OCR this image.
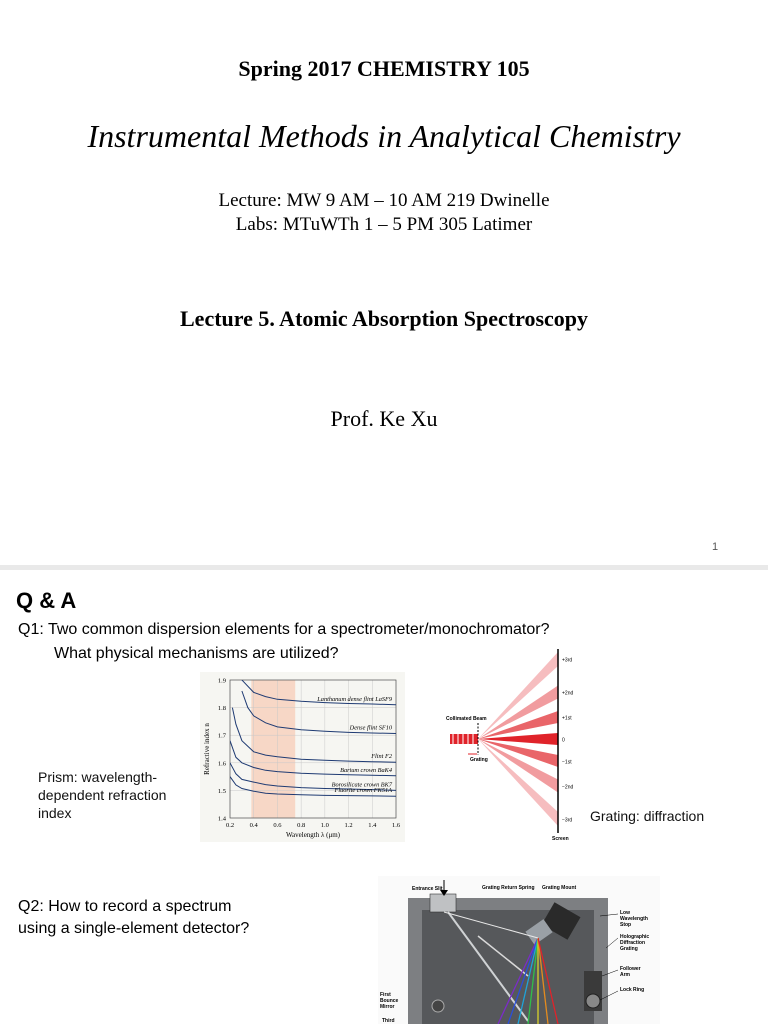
Spring 2017 CHEMISTRY 105
Instrumental Methods in Analytical Chemistry
Lecture: MW 9 AM – 10 AM 219 Dwinelle
Labs: MTuWTh 1 – 5 PM 305 Latimer
Lecture 5. Atomic Absorption Spectroscopy
Prof. Ke Xu
1
Q & A
Q1: Two common dispersion elements for a spectrometer/monochromator?
What physical mechanisms are utilized?
Prism: wavelength-dependent refraction index	Grating: diffraction
Q2: How to record a spectrum
using a single-element detector?
1.4
1.5
1.6
1.7
1.8
1.9
0.2 0.4 0.6 0.8 1.0 1.2 1.4 1.6
Lanthanum dense flint LaSF9
Dense flint SF10
Flint F2
Barium crown BaK4
Borosilicate crown BK7
Fluorite crown FK51A
Wavelength λ (μm)
Refractive index n
+3rd
+2nd
+1st
0
−1st
−2nd
−3rd
Collimated Beam
Grating
Screen
Entrance Slit	Grating Return Spring Grating Mount
Low
Wavelength
Stop
Holographic
Diffraction
Grating
Follower
Arm
Lock Ring
First
Bounce
Mirror
Third
